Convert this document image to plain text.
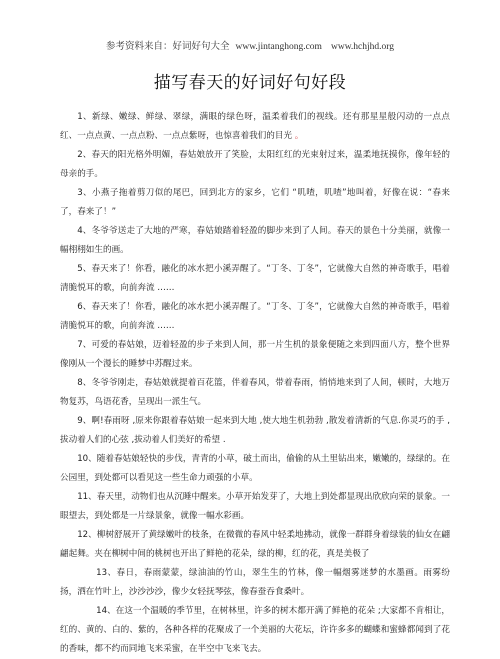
参考资料来自：好词好句大全 www.jintanghong.com www.hchjhd.org
描写春天的好词好句好段

1、新绿、嫩绿、鲜绿、翠绿，满眼的绿色呀，温柔着我们的视线。还有那星星般闪动的一点点红、一点点黄、一点点粉、一点点紫呀，也惊喜着我们的目光 。

2、春天的阳光格外明媚，春姑娘放开了笑脸，太阳红红的光束射过来，温柔地抚摸你，像年轻的母亲的手。

3、小燕子拖着剪刀似的尾巴，回到北方的家乡，它们 “叽喳，叽喳”地叫着，好像在说：“春来了，春来了！”

4、冬爷爷送走了大地的严寒，春姑娘踏着轻盈的脚步来到了人间。春天的景色十分美丽，就像一幅栩栩如生的画。

5、春天来了！你看，融化的冰水把小溪弄醒了。“丁冬、丁冬”，它就像大自然的神奇歌手，唱着清脆悦耳的歌，向前奔流 ……

6、春天来了！你看，融化的冰水把小溪弄醒了。“丁冬、丁冬”，它就像大自然的神奇歌手，唱着清脆悦耳的歌，向前奔流 ……

7、可爱的春姑娘，迈着轻盈的步子来到人间，那一片生机的景象便随之来到四面八方，整个世界像刚从一个漫长的睡梦中苏醒过来。

8、冬爷爷刚走，春姑娘就提着百花篮，伴着春风，带着春雨，悄悄地来到了人间，顿时，大地万物复苏，鸟语花香，呈现出一派生气。

9、啊!春雨呀 ,原来你跟着春姑娘一起来到大地 ,使大地生机勃勃 ,散发着清新的气息.你灵巧的手 ,拔动着人们的心弦 ,拔动着人们美好的希望 .

10、随着春姑娘轻快的步伐，青青的小草，破土而出，偷偷的从土里钻出来，嫩嫩的，绿绿的。在公园里，到处都可以看见这一些生命力顽强的小草。

11、春天里，动物们也从沉睡中醒来。小草开始发芽了，大地上到处都显现出欣欣向荣的景象。一眼望去，到处都是一片绿景象，就像一幅水彩画。

12、柳树舒展开了黄绿嫩叶的枝条，在微微的春风中轻柔地拂动，就像一群群身着绿装的仙女在翩翩起舞。夹在柳树中间的桃树也开出了鲜艳的花朵，绿的柳，红的花，真是美极了

13、春日，春雨蒙蒙，绿油油的竹山，翠生生的竹林，像一幅烟雾迷梦的水墨画。雨雾纷扬，洒在竹叶上，沙沙沙沙，像少女轻抚琴弦，像春蚕吞食桑叶。

14、在这一个温暖的季节里，在树林里，许多的树木都开满了鲜艳的花朵 ;大家都不肯相让，红的、黄的、白的、紫的，各种各样的花聚成了一个美丽的大花坛，许许多多的蝴蝶和蜜蜂都闻到了花的香味，都不约而同地飞来采蜜，在半空中飞来飞去。
